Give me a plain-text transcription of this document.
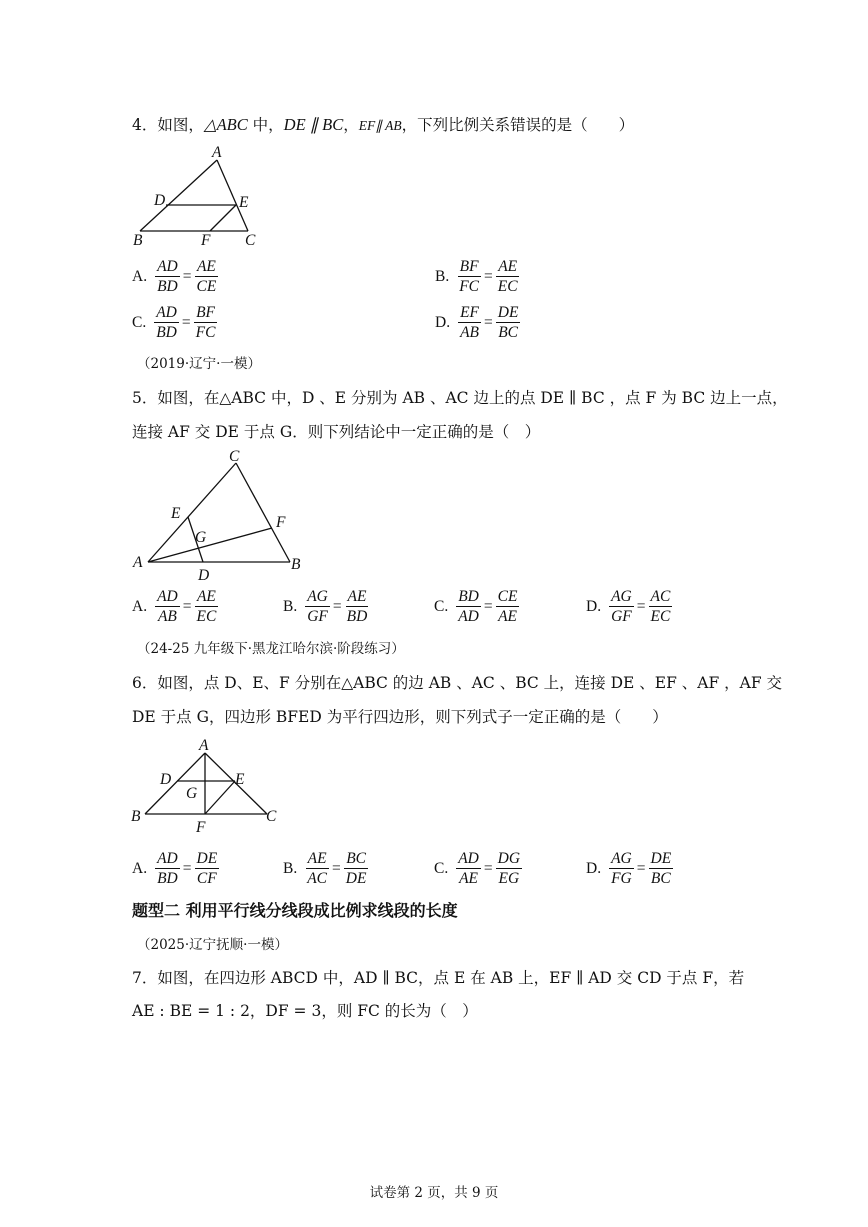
4．如图，△ABC 中，DE ∥ BC，EF∥ AB，下列比例关系错误的是（　　）
A
D	E
B	F C
A. $\frac{AD}{BD} = \frac{AE}{CE}$	B. $\frac{BF}{FC} = \frac{AE}{EC}$
C. $\frac{AD}{BD} = \frac{BF}{FC}$	D. $\frac{EF}{AB} = \frac{DE}{BC}$
（2019·辽宁·一模）
5．如图，在△ABC 中，D 、E 分别为 AB 、AC 边上的点 DE ∥ BC ，点 F 为 BC 边上一点，
连接 AF 交 DE 于点 G．则下列结论中一定正确的是（　）
C
E
F
G
A
D
B
A. $\frac{AD}{AB} = \frac{AE}{EC}$	B. $\frac{AG}{GF} = \frac{AE}{BD}$	C. $\frac{BD}{AD} = \frac{CE}{AE}$	D. $\frac{AG}{GF} = \frac{AC}{EC}$
（24-25 九年级下·黑龙江哈尔滨·阶段练习）
6．如图，点 D、E、F 分别在△ABC 的边 AB 、AC 、BC 上，连接 DE 、EF 、AF ，AF 交
DE 于点 G，四边形 BFED 为平行四边形，则下列式子一定正确的是（　　）
A
D	E
G
B	C
F
A. $\frac{AD}{BD} = \frac{DE}{CF}$	B. $\frac{AE}{AC} = \frac{BC}{DE}$	C. $\frac{AD}{AE} = \frac{DG}{EG}$	D. $\frac{AG}{FG} = \frac{DE}{BC}$
题型二 利用平行线分线段成比例求线段的长度
（2025·辽宁抚顺·一模）
7．如图，在四边形 ABCD 中，AD ∥ BC，点 E 在 AB 上，EF ∥ AD 交 CD 于点 F，若
AE : BE = 1 : 2，DF = 3，则 FC 的长为（　）
试卷第 2 页，共 9 页
